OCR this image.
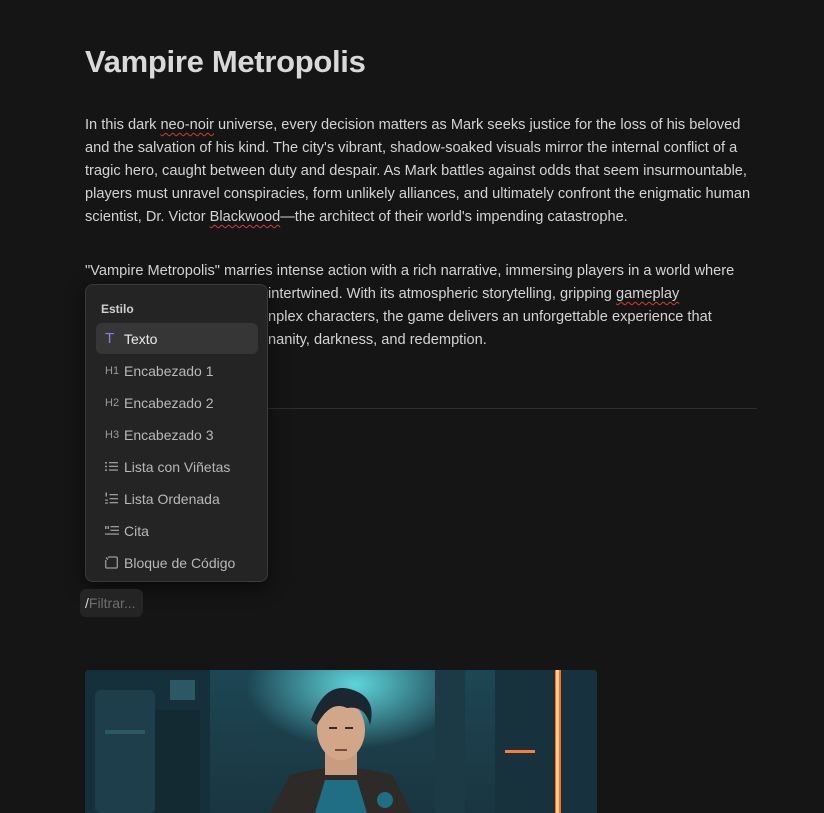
Vampire Metropolis
In this dark neo-noir universe, every decision matters as Mark seeks justice for the loss of his beloved and the salvation of his kind. The city's vibrant, shadow-soaked visuals mirror the internal conflict of a tragic hero, caught between duty and despair. As Mark battles against odds that seem insurmountable, players must unravel conspiracies, form unlikely alliances, and ultimately confront the enigmatic human scientist, Dr. Victor Blackwood—the architect of their world's impending catastrophe.
"Vampire Metropolis" marries intense action with a rich narrative, immersing players in a world where
intertwined. With its atmospheric storytelling, gripping gameplay
nplex characters, the game delivers an unforgettable experience that
nanity, darkness, and redemption.
Estilo
T Texto
H1 Encabezado 1
H2 Encabezado 2
H3 Encabezado 3
Lista con Viñetas
Lista Ordenada
Cita
Bloque de Código
/
Filtrar...
